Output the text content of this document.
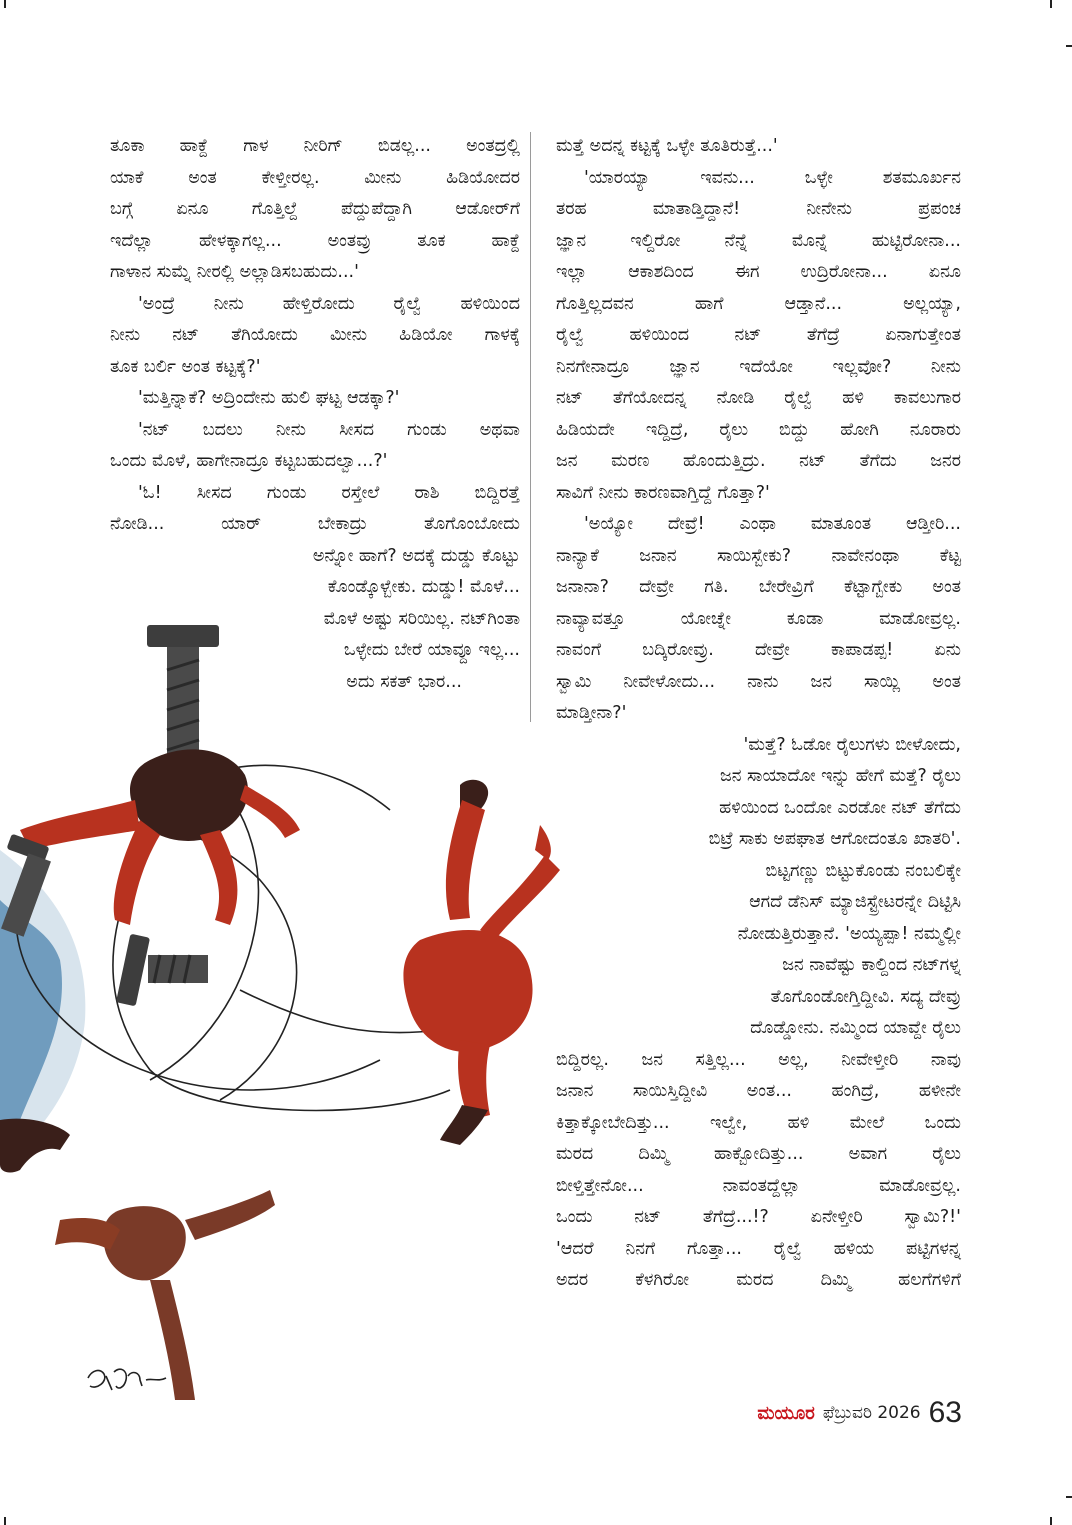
ತೂಕಾ ಹಾಕ್ದೆ ಗಾಳ ನೀರಿಗ್ ಬಿಡಲ್ಲ... ಅಂತದ್ರಲ್ಲಿ

ಯಾಕೆ ಅಂತ ಕೇಳ್ತೀರಲ್ಲ. ಮೀನು ಹಿಡಿಯೋದರ

ಬಗ್ಗೆ ಏನೂ ಗೊತ್ತಿಲ್ದೆ ಪೆದ್ದುಪೆದ್ದಾಗಿ ಆಡೋರ್‌ಗೆ

ಇದೆಲ್ಲಾ ಹೇಳಕ್ಕಾಗಲ್ಲ... ಅಂತವ್ರು ತೂಕ ಹಾಕ್ದೆ

ಗಾಳಾನ ಸುಮ್ನೆ ನೀರಲ್ಲಿ ಅಲ್ಲಾಡಿಸಬಹುದು...'

'ಅಂದ್ರೆ ನೀನು ಹೇಳ್ತಿರೋದು ರೈಲ್ವೆ ಹಳಿಯಿಂದ

ನೀನು ನಟ್ ತೆಗಿಯೋದು ಮೀನು ಹಿಡಿಯೋ ಗಾಳಕ್ಕೆ

ತೂಕ ಬರ್ಲಿ ಅಂತ ಕಟ್ಟಕ್ಕೆ?'

'ಮತ್ತಿನ್ನಾಕೆ? ಅದ್ರಿಂದೇನು ಹುಲಿ ಘಟ್ಟ ಆಡಕ್ಕಾ?'

'ನಟ್ ಬದಲು ನೀನು ಸೀಸದ ಗುಂಡು ಅಥವಾ

ಒಂದು ಮೊಳೆ, ಹಾಗೇನಾದ್ರೂ ಕಟ್ಟಬಹುದಲ್ವಾ...?'

'ಓ! ಸೀಸದ ಗುಂಡು ರಸ್ತೇಲೆ ರಾಶಿ ಬಿದ್ದಿರತ್ತೆ

ನೋಡಿ... ಯಾರ್ ಬೇಕಾದ್ರು ತೊಗೊಂಬೋದು

ಅನ್ನೋ ಹಾಗೆ? ಅದಕ್ಕೆ ದುಡ್ಡು ಕೊಟ್ಟು

ಕೊಂಡ್ಕೊಳ್ಬೇಕು. ದುಡ್ಡು! ಮೊಳೆ...

ಮೊಳೆ ಅಷ್ಟು ಸರಿಯಿಲ್ಲ. ನಟ್‌ಗಿಂತಾ

ಒಳ್ಳೇದು ಬೇರೆ ಯಾವ್ದೂ ಇಲ್ಲ...

ಅದು ಸಕತ್ ಭಾರ...

ಮತ್ತೆ ಅದನ್ನ ಕಟ್ಟಕ್ಕೆ ಒಳ್ಳೇ ತೂತಿರುತ್ತೆ...'

'ಯಾರಯ್ಯಾ ಇವನು... ಒಳ್ಳೇ ಶತಮೂರ್ಖನ

ತರಹ ಮಾತಾಡ್ತಿದ್ದಾನೆ! ನೀನೇನು ಪ್ರಪಂಚ

ಜ್ಞಾನ ಇಲ್ದಿರೋ ನೆನ್ನೆ ಮೊನ್ನೆ ಹುಟ್ಟಿರೋನಾ...

ಇಲ್ಲಾ ಆಕಾಶದಿಂದ ಈಗ ಉದ್ರಿರೋನಾ... ಏನೂ

ಗೊತ್ತಿಲ್ಲದವನ ಹಾಗೆ ಆಡ್ತಾನೆ... ಅಲ್ಲಯ್ಯಾ,

ರೈಲ್ವೆ ಹಳಿಯಿಂದ ನಟ್ ತೆಗೆದ್ರೆ ಏನಾಗುತ್ತೇಂತ

ನಿನಗೇನಾದ್ರೂ ಜ್ಞಾನ ಇದೆಯೋ ಇಲ್ಲವೋ? ನೀನು

ನಟ್ ತೆಗೆಯೋದನ್ನ ನೋಡಿ ರೈಲ್ವೆ ಹಳಿ ಕಾವಲುಗಾರ

ಹಿಡಿಯದೇ ಇದ್ದಿದ್ರೆ, ರೈಲು ಬಿದ್ದು ಹೋಗಿ ನೂರಾರು

ಜನ ಮರಣ ಹೊಂದುತ್ತಿದ್ರು. ನಟ್ ತೆಗೆದು ಜನರ

ಸಾವಿಗೆ ನೀನು ಕಾರಣವಾಗ್ತಿದ್ದೆ ಗೊತ್ತಾ?'

'ಅಯ್ಯೋ ದೇವ್ರೆ! ಎಂಥಾ ಮಾತೂಂತ ಆಡ್ತೀರಿ...

ನಾನ್ಯಾಕೆ ಜನಾನ ಸಾಯಿಸ್ಬೇಕು? ನಾವೇನಂಥಾ ಕೆಟ್ಟ

ಜನಾನಾ? ದೇವ್ರೇ ಗತಿ. ಬೇರೇವ್ರಿಗೆ ಕೆಟ್ಟಾಗ್ಬೇಕು ಅಂತ

ನಾವ್ಯಾವತ್ತೂ ಯೋಚ್ನೇ ಕೂಡಾ ಮಾಡೋವ್ರಲ್ಲ.

ನಾವಂಗೆ ಬದ್ಕಿರೋವ್ರು. ದೇವ್ರೇ ಕಾಪಾಡಪ್ಪ! ಏನು

ಸ್ವಾಮಿ ನೀವೇಳೋದು... ನಾನು ಜನ ಸಾಯ್ಲಿ ಅಂತ

ಮಾಡ್ತೀನಾ?'

'ಮತ್ತೆ? ಓಡೋ ರೈಲುಗಳು ಬೀಳೋದು,

ಜನ ಸಾಯಾದೋ ಇನ್ನು ಹೇಗೆ ಮತ್ತೆ? ರೈಲು

ಹಳಿಯಿಂದ ಒಂದೋ ಎರಡೋ ನಟ್ ತೆಗೆದು

ಬಿಟ್ರೆ ಸಾಕು ಅಪಘಾತ ಆಗೋದಂತೂ ಖಾತರಿ'.

ಬಿಟ್ಟಗಣ್ಣು ಬಿಟ್ಟುಕೊಂಡು ನಂಬಲಿಕ್ಕೇ

ಆಗದೆ ಡೆನಿಸ್ ಮ್ಯಾಜಿಸ್ಟ್ರೇಟರನ್ನೇ ದಿಟ್ಟಿಸಿ

ನೋಡುತ್ತಿರುತ್ತಾನೆ. 'ಅಯ್ಯಪ್ಪಾ! ನಮ್ಮಲ್ಲೀ

ಜನ ನಾವೆಷ್ಟು ಕಾಲ್ದಿಂದ ನಟ್‌ಗಳ್ನ

ತೊಗೊಂಡೋಗ್ತಿದ್ದೀವಿ. ಸದ್ಯ ದೇವ್ರು

ದೊಡ್ಡೋನು. ನಮ್ಮಿಂದ ಯಾವ್ದೇ ರೈಲು

ಬಿದ್ದಿರಲ್ಲ. ಜನ ಸತ್ತಿಲ್ಲ... ಅಲ್ಲ, ನೀವೇಳ್ತೀರಿ ನಾವು

ಜನಾನ ಸಾಯಿಸ್ತಿದ್ದೀವಿ ಅಂತ... ಹಂಗಿದ್ರೆ, ಹಳೀನೇ

ಕಿತ್ತಾಕ್ಕೋಬೇದಿತ್ತು... ಇಲ್ವೇ, ಹಳಿ ಮೇಲೆ ಒಂದು

ಮರದ ದಿಮ್ಮಿ ಹಾಕ್ಬೋದಿತ್ತು... ಅವಾಗ ರೈಲು

ಬೀಳ್ತಿತ್ತೇನೋ... ನಾವಂತದ್ದೆಲ್ಲಾ ಮಾಡೋವ್ರಲ್ಲ.

ಒಂದು ನಟ್ ತೆಗೆದ್ರೆ...!? ಏನೇಳ್ತೀರಿ ಸ್ವಾಮಿ?!'

'ಆದರೆ ನಿನಗೆ ಗೊತ್ತಾ... ರೈಲ್ವೆ ಹಳಿಯ ಪಟ್ಟಿಗಳನ್ನ

ಅದರ ಕೆಳಗಿರೋ ಮರದ ದಿಮ್ಮಿ ಹಲಗೆಗಳಿಗೆ

ಮಯೂರ ಫೆಬ್ರುವರಿ 2026 63
